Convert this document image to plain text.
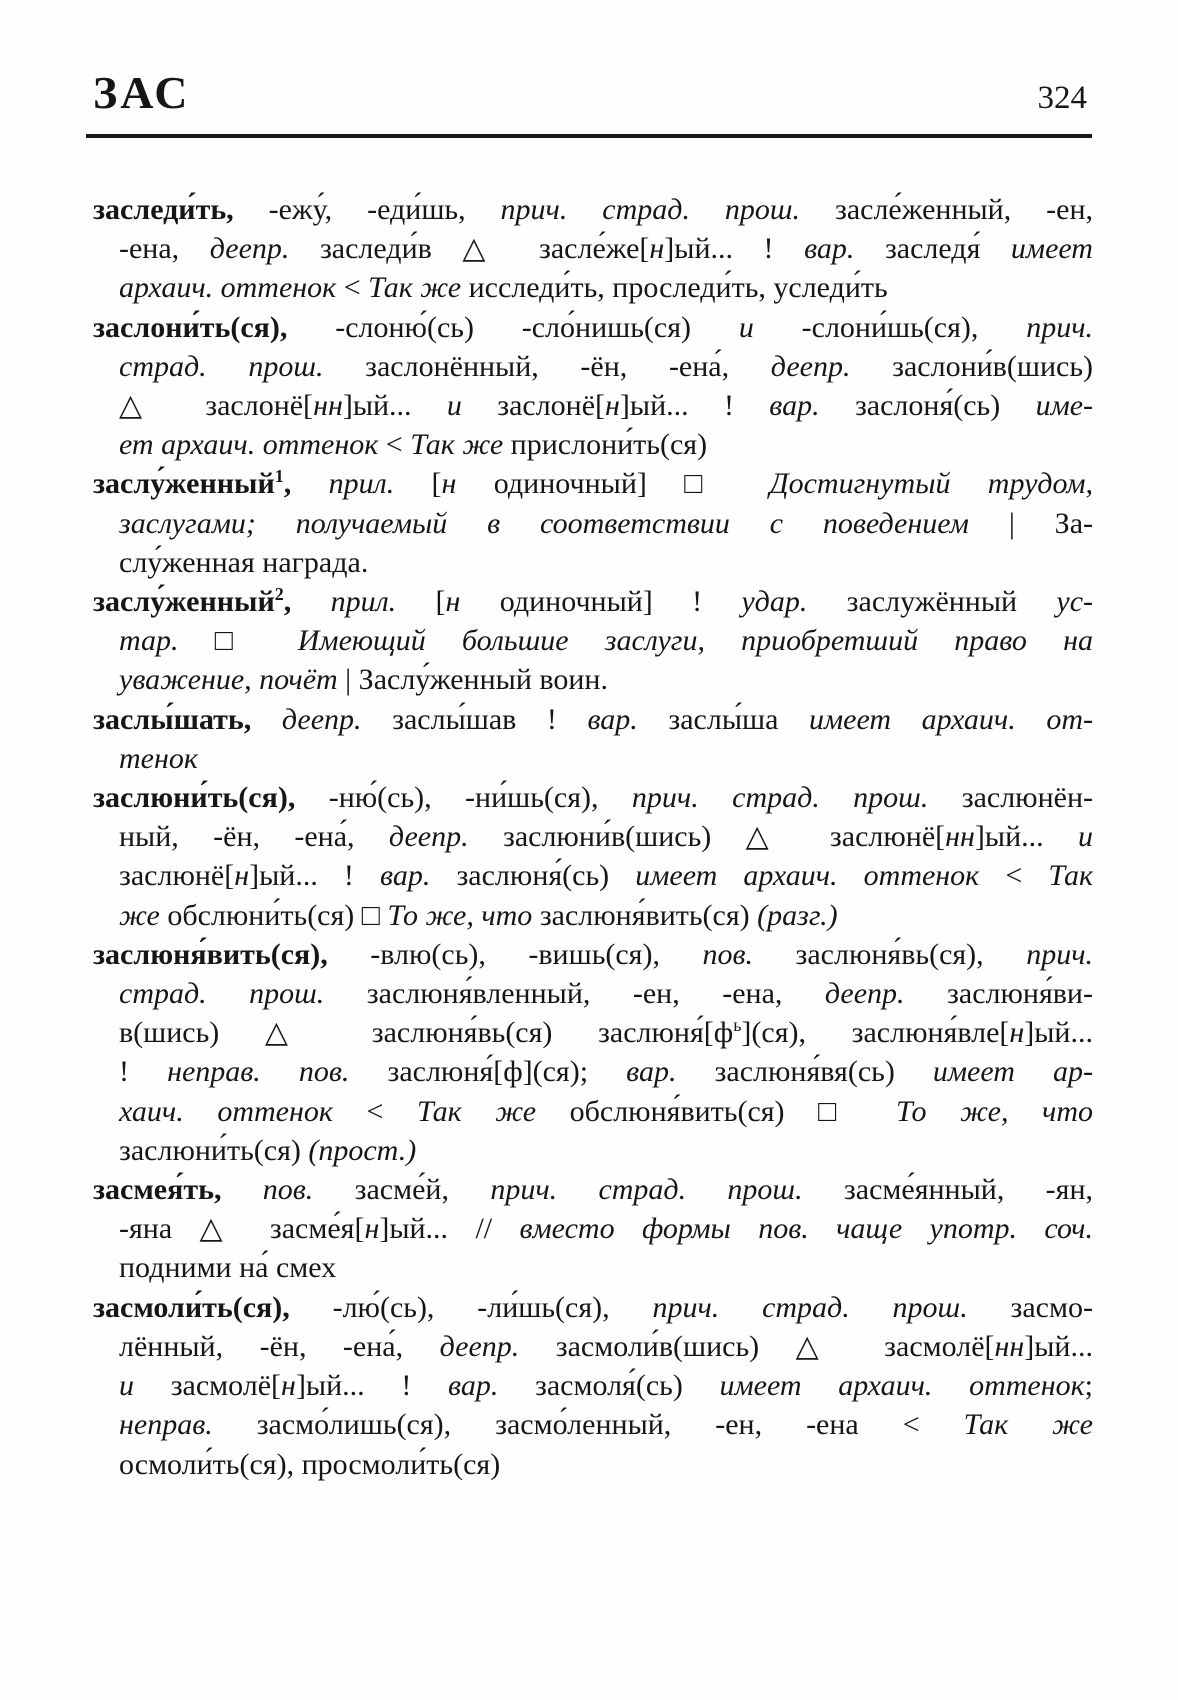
ЗАС	324
заследи́ть, -ежу́, -еди́шь, прич. страд. прош. засле́женный, -ен,
-ена, деепр. заследи́в △ засле́же[н]ый... ! вар. заследя́ имеет
архаич. оттенок < Так же исследи́ть, проследи́ть, уследи́ть
заслони́ть(ся), -слоню́(сь) -сло́нишь(ся) и -слони́шь(ся), прич.
страд. прош. заслонённый, -ён, -ена́, деепр. заслони́в(шись)
△ заслонё[нн]ый... и заслонё[н]ый... ! вар. заслоня́(сь) име-
ет архаич. оттенок < Так же прислони́ть(ся)
заслу́женный$^1$, прил. [н одиночный] □ Достигнутый трудом,
заслугами; получаемый в соответствии с поведением | За-
слу́женная награда.
заслу́женный$^2$, прил. [н одиночный] ! удар. заслужённый ус-
тар. □ Имеющий большие заслуги, приобретший право на
уважение, почёт | Заслу́женный воин.
заслы́шать, деепр. заслы́шав ! вар. заслы́ша имеет архаич. от-
тенок
заслюни́ть(ся), -ню́(сь), -ни́шь(ся), прич. страд. прош. заслюнён-
ный, -ён, -ена́, деепр. заслюни́в(шись) △ заслюнё[нн]ый... и
заслюнё[н]ый... ! вар. заслюня́(сь) имеет архаич. оттенок < Так
же обслюни́ть(ся) □ То же, что заслюня́вить(ся) (разг.)
заслюня́вить(ся), -влю(сь), -вишь(ся), пов. заслюня́вь(ся), прич.
страд. прош. заслюня́вленный, -ен, -ена, деепр. заслюня́ви-
в(шись) △ заслюня́вь(ся) $заслюня́[ф^ь](ся)$, заслюня́вле[н]ый...
! неправ. пов. заслюня́[ф](ся); вар. заслюня́вя(сь) имеет ар-
хаич. оттенок < Так же обслюня́вить(ся) □ То же, что
заслюни́ть(ся) (прост.)
засмея́ть, пов. засме́й, прич. страд. прош. засме́янный, -ян,
-яна △ засме́я[н]ый... // вместо формы пов. чаще употр. соч.
подними на́ смех
засмоли́ть(ся), -лю́(сь), -ли́шь(ся), прич. страд. прош. засмо-
лённый, -ён, -ена́, деепр. засмоли́в(шись) △ засмолё[нн]ый...
и засмолё[н]ый... ! вар. засмоля́(сь) имеет архаич. оттенок;
неправ. засмо́лишь(ся), засмо́ленный, -ен, -ена < Так же
осмоли́ть(ся), просмоли́ть(ся)
